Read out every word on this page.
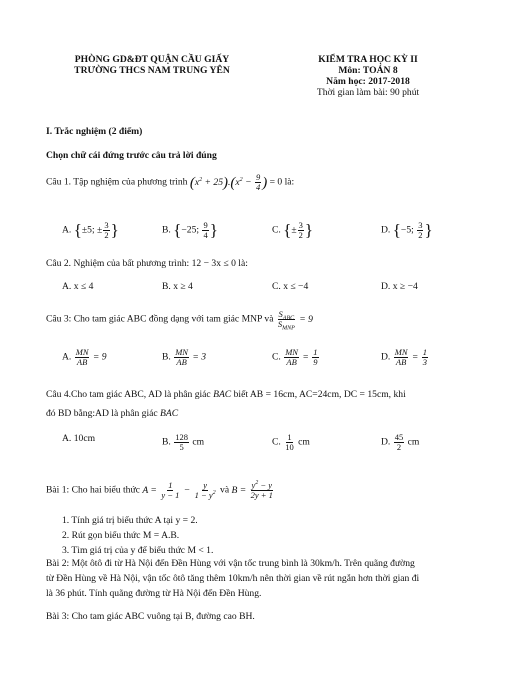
PHÒNG GD&ĐT QUẬN CẦU GIẤY
TRƯỜNG THCS NAM TRUNG YÊN
KIỂM TRA HỌC KỲ II
Môn: TOÁN 8
Năm học: 2017-2018
Thời gian làm bài: 90 phút
I. Trắc nghiệm (2 điểm)
Chọn chữ cái đứng trước câu trả lời đúng
Câu 1. Tập nghiệm của phương trình $(x^2 + 25).(x^2 - \frac{9}{4}$ ) = 0 là:
A. {±5; ± $\frac{3}{2}$ }	B. {−25; $\frac{9}{4}$ }	C. {± $\frac{3}{2}$ }	D. {−5; $\frac{3}{2}$ }
Câu 2. Nghiệm của bất phương trình: 12 − 3x ≤ 0 là:
A. x ≤ 4	B. x ≥ 4	C. x ≤ −4	D. x ≥ −4
Câu 3: Cho tam giác ABC đồng dạng với tam giác MNP và $\frac{S_{ABC}}{S_{MNP}} = 9$
A. $\frac{MN}{AB} = 9$	B. $\frac{MN}{AB} = 3$	C. $\frac{MN}{AB} = \frac{1}{9}$	D. $\frac{MN}{AB} = \frac{1}{3}$
Câu 4.Cho tam giác ABC, AD là phân giác BAC biết AB = 16cm, AC=24cm, DC = 15cm, khi
đó BD bằng:AD là phân giác BAC
A. 10cm	B. $\frac{128}{5}$ cm	C. $\frac{1}{10}$ cm	D. $\frac{45}{2}$ cm
Bài 1: Cho hai biểu thức $A = \frac{1}{y - 1} - \frac{y}{1 - y^2}$ và $B = \frac{y^2 - y}{2y + 1}$
1. Tính giá trị biểu thức A tại y = 2.
2. Rút gọn biểu thức M = A.B.
3. Tìm giá trị của y để biểu thức M < 1.
Bài 2: Một ôtô đi từ Hà Nội đến Đền Hùng với vận tốc trung bình là 30km/h. Trên quãng đường
từ Đền Hùng về Hà Nội, vận tốc ôtô tăng thêm 10km/h nên thời gian về rút ngắn hơn thời gian đi
là 36 phút. Tính quãng đường từ Hà Nội đến Đền Hùng.
Bài 3: Cho tam giác ABC vuông tại B, đường cao BH.
